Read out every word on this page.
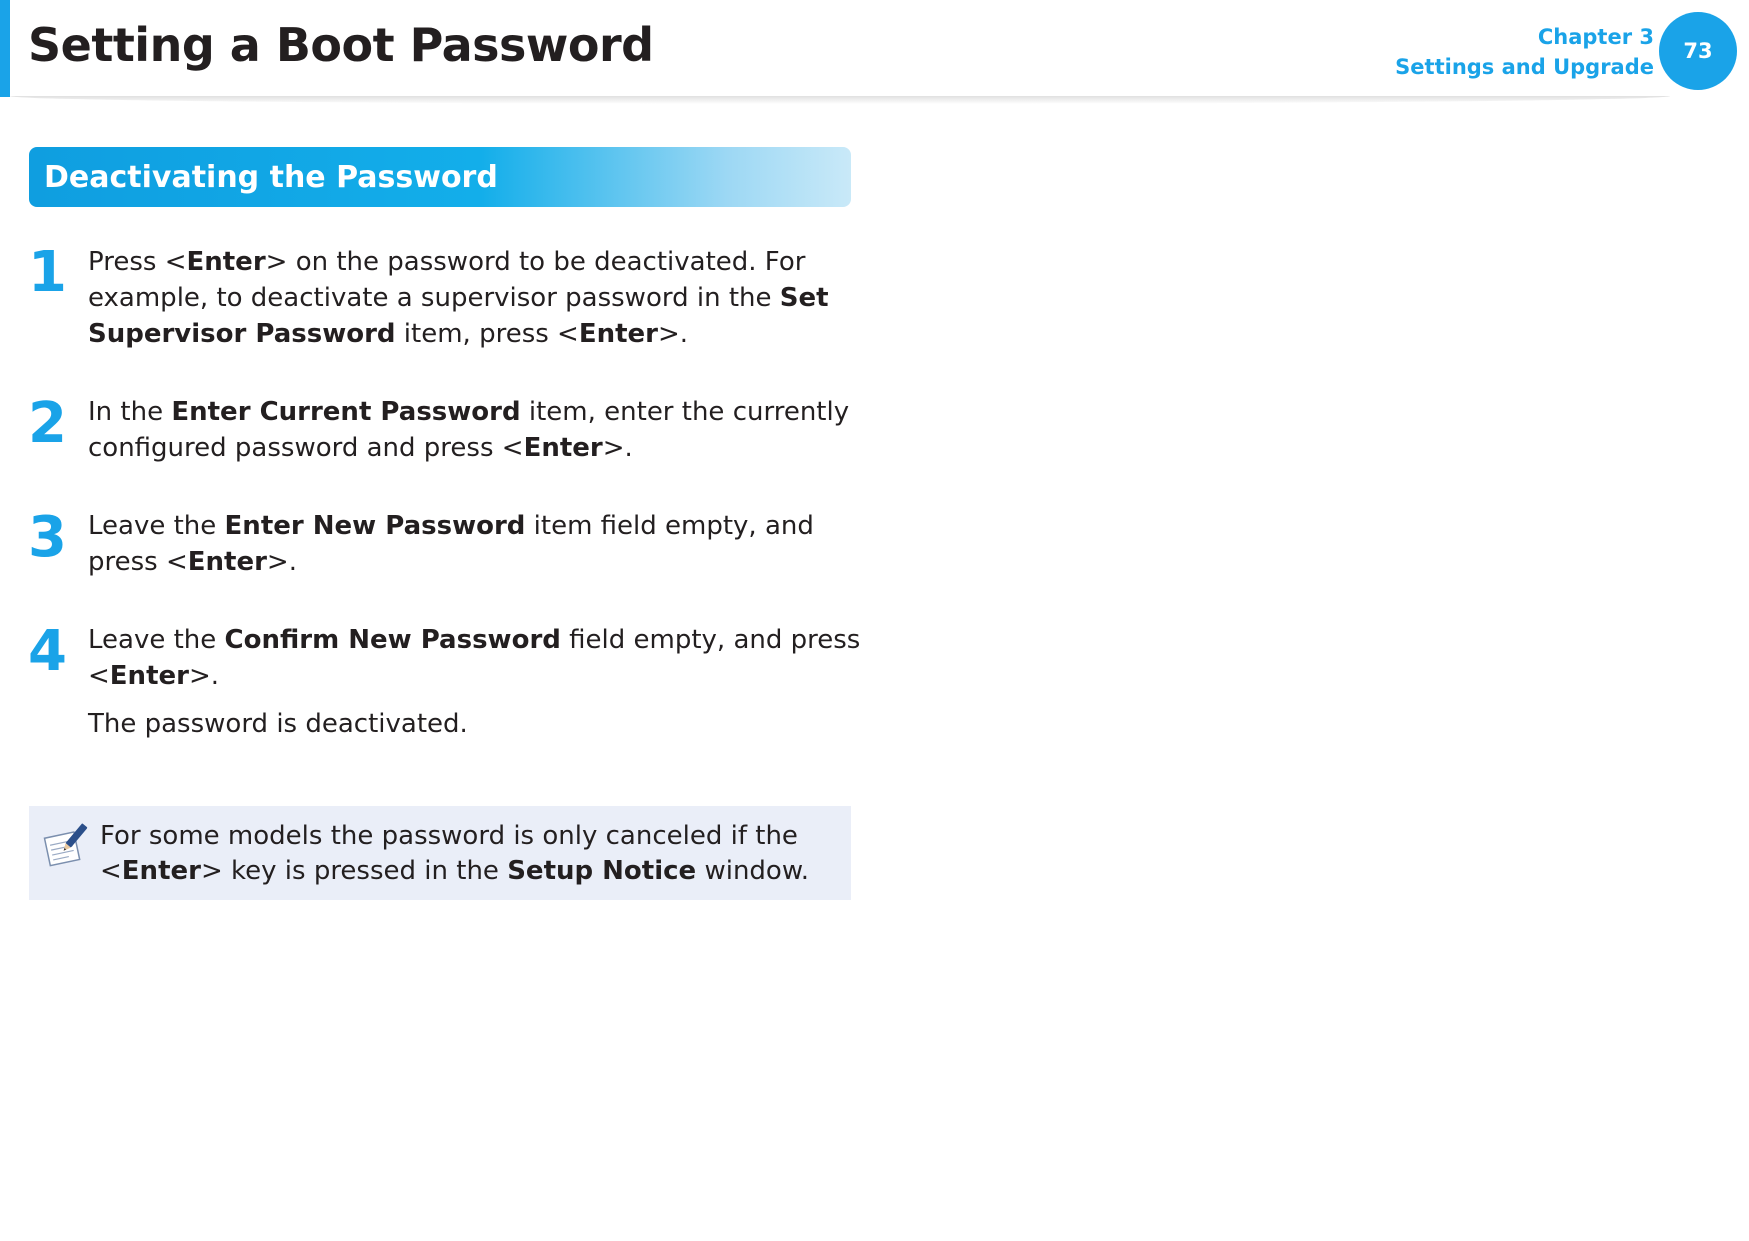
Setting a Boot Password	Chapter 3
Settings and Upgrade
73
Deactivating the Password
1 Press <Enter> on the password to be deactivated. For example, to deactivate a supervisor password in the Set Supervisor Password item, press <Enter>.
2 In the Enter Current Password item, enter the currently configured password and press <Enter>.
3 Leave the Enter New Password item field empty, and press <Enter>.
4 Leave the Confirm New Password field empty, and press <Enter>.
The password is deactivated.
For some models the password is only canceled if the <Enter> key is pressed in the Setup Notice window.
